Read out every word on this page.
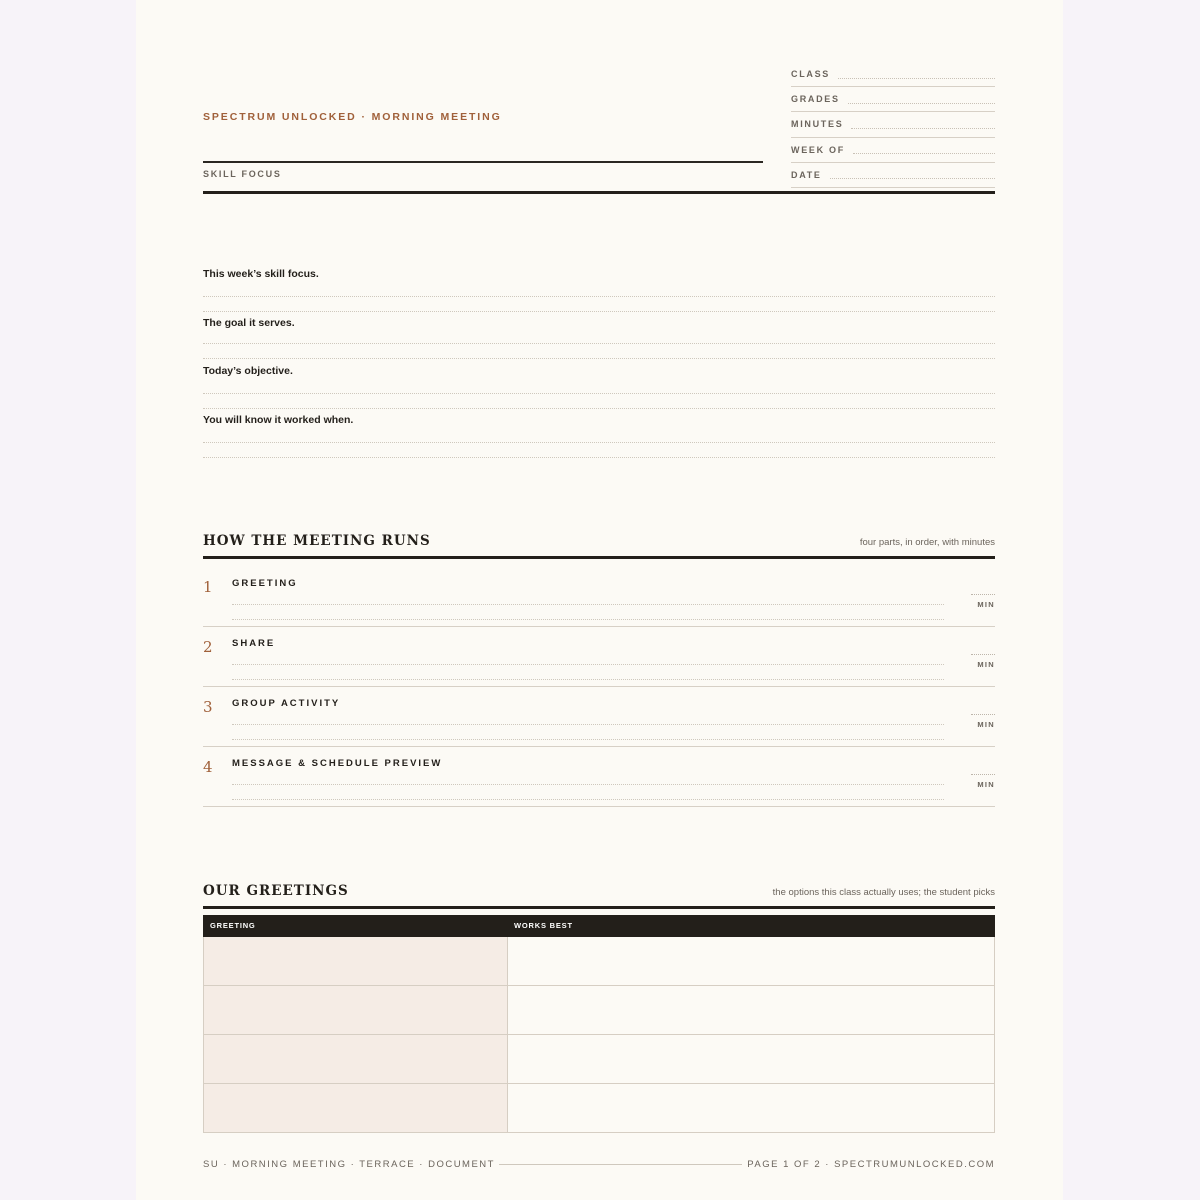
SPECTRUM UNLOCKED · MORNING MEETING
SKILL FOCUS
CLASS
GRADES
MINUTES
WEEK OF
DATE
This week’s skill focus.
The goal it serves.
Today’s objective.
You will know it worked when.
HOW THE MEETING RUNS	four parts, in order, with minutes
1 GREETING
MIN
2 SHARE
MIN
3 GROUP ACTIVITY
MIN
4 MESSAGE & SCHEDULE PREVIEW
MIN
OUR GREETINGS	the options this class actually uses; the student picks
GREETING	WORKS BEST
SU · MORNING MEETING · TERRACE · DOCUMENT	PAGE 1 OF 2 · SPECTRUMUNLOCKED.COM
